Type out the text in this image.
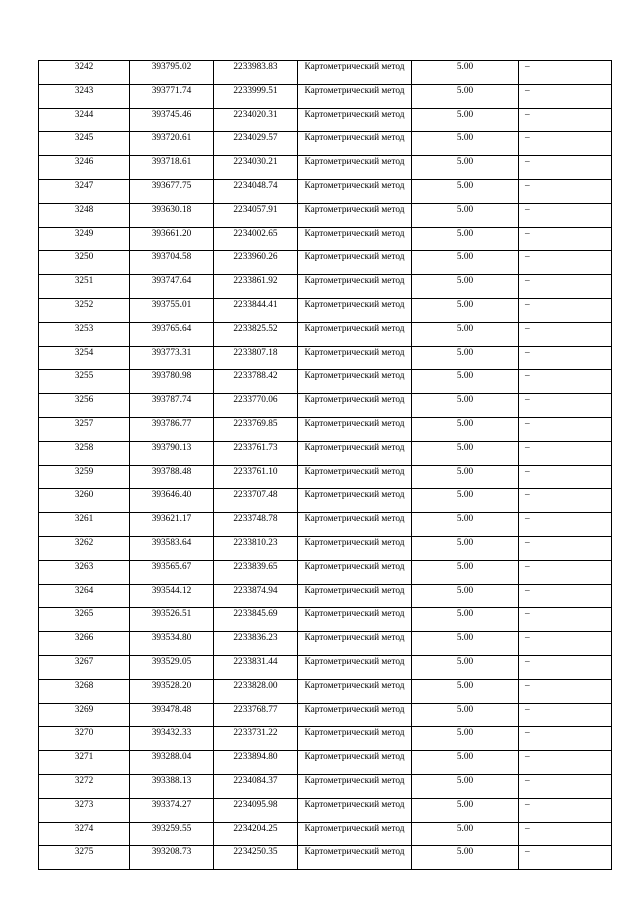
3242	393795.02	2233983.83	Картометрический метод	5.00	–
3243	393771.74	2233999.51	Картометрический метод	5.00	–
3244	393745.46	2234020.31	Картометрический метод	5.00	–
3245	393720.61	2234029.57	Картометрический метод	5.00	–
3246	393718.61	2234030.21	Картометрический метод	5.00	–
3247	393677.75	2234048.74	Картометрический метод	5.00	–
3248	393630.18	2234057.91	Картометрический метод	5.00	–
3249	393661.20	2234002.65	Картометрический метод	5.00	–
3250	393704.58	2233960.26	Картометрический метод	5.00	–
3251	393747.64	2233861.92	Картометрический метод	5.00	–
3252	393755.01	2233844.41	Картометрический метод	5.00	–
3253	393765.64	2233825.52	Картометрический метод	5.00	–
3254	393773.31	2233807.18	Картометрический метод	5.00	–
3255	393780.98	2233788.42	Картометрический метод	5.00	–
3256	393787.74	2233770.06	Картометрический метод	5.00	–
3257	393786.77	2233769.85	Картометрический метод	5.00	–
3258	393790.13	2233761.73	Картометрический метод	5.00	–
3259	393788.48	2233761.10	Картометрический метод	5.00	–
3260	393646.40	2233707.48	Картометрический метод	5.00	–
3261	393621.17	2233748.78	Картометрический метод	5.00	–
3262	393583.64	2233810.23	Картометрический метод	5.00	–
3263	393565.67	2233839.65	Картометрический метод	5.00	–
3264	393544.12	2233874.94	Картометрический метод	5.00	–
3265	393526.51	2233845.69	Картометрический метод	5.00	–
3266	393534.80	2233836.23	Картометрический метод	5.00	–
3267	393529.05	2233831.44	Картометрический метод	5.00	–
3268	393528.20	2233828.00	Картометрический метод	5.00	–
3269	393478.48	2233768.77	Картометрический метод	5.00	–
3270	393432.33	2233731.22	Картометрический метод	5.00	–
3271	393288.04	2233894.80	Картометрический метод	5.00	–
3272	393388.13	2234084.37	Картометрический метод	5.00	–
3273	393374.27	2234095.98	Картометрический метод	5.00	–
3274	393259.55	2234204.25	Картометрический метод	5.00	–
3275	393208.73	2234250.35	Картометрический метод	5.00	–
